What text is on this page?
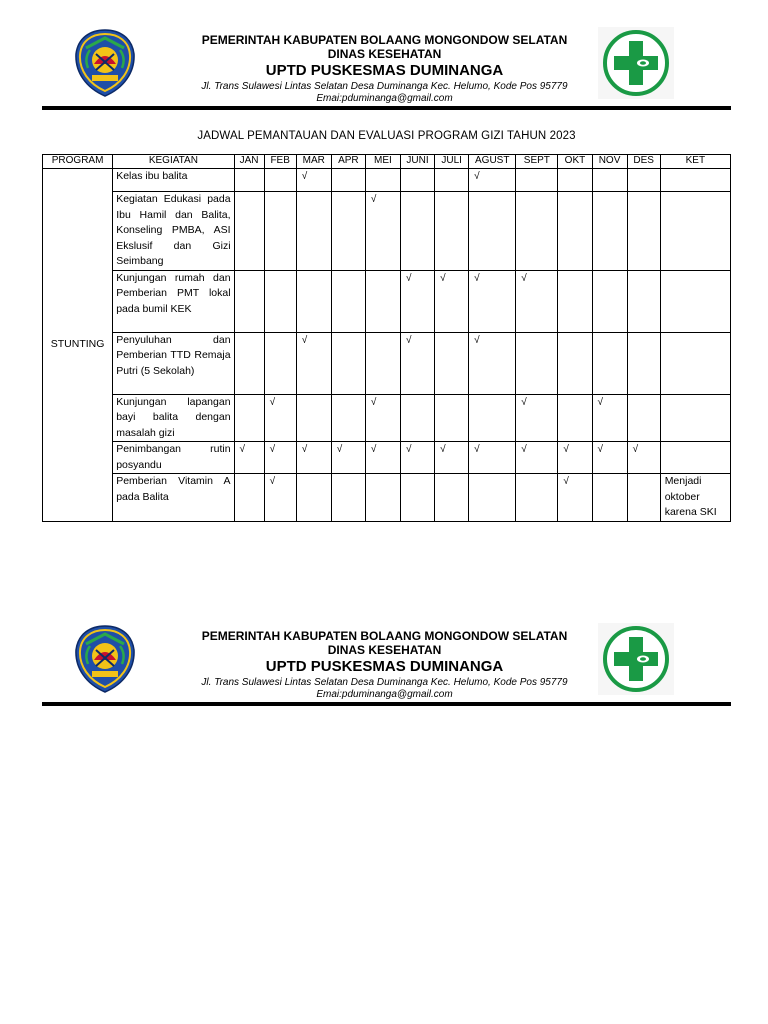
PEMERINTAH KABUPATEN BOLAANG MONGONDOW SELATAN
DINAS KESEHATAN
UPTD PUSKESMAS DUMINANGA
Jl. Trans Sulawesi Lintas Selatan Desa Duminanga Kec. Helumo, Kode Pos 95779
Emai:pduminanga@gmail.com
JADWAL PEMANTAUAN DAN EVALUASI PROGRAM GIZI TAHUN 2023
PROGRAM	KEGIATAN	JAN	FEB	MAR	APR	MEI	JUNI	JULI	AGUST	SEPT	OKT	NOV	DES	KET
STUNTING	Kelas ibu balita			√					√					
	Kegiatan Edukasi pada Ibu Hamil dan Balita, Konseling PMBA, ASI Ekslusif dan Gizi Seimbang					√								
	Kunjungan rumah dan Pemberian PMT lokal pada bumil KEK						√	√	√	√				
	Penyuluhan dan Pemberian TTD Remaja Putri (5 Sekolah)			√			√		√					
	Kunjungan lapangan bayi balita dengan masalah gizi		√			√				√		√		
	Penimbangan rutin posyandu	√	√	√	√	√	√	√	√	√	√	√	√	
	Pemberian Vitamin A pada Balita		√								√			Menjadi oktober karena SKI
PEMERINTAH KABUPATEN BOLAANG MONGONDOW SELATAN
DINAS KESEHATAN
UPTD PUSKESMAS DUMINANGA
Jl. Trans Sulawesi Lintas Selatan Desa Duminanga Kec. Helumo, Kode Pos 95779
Emai:pduminanga@gmail.com
